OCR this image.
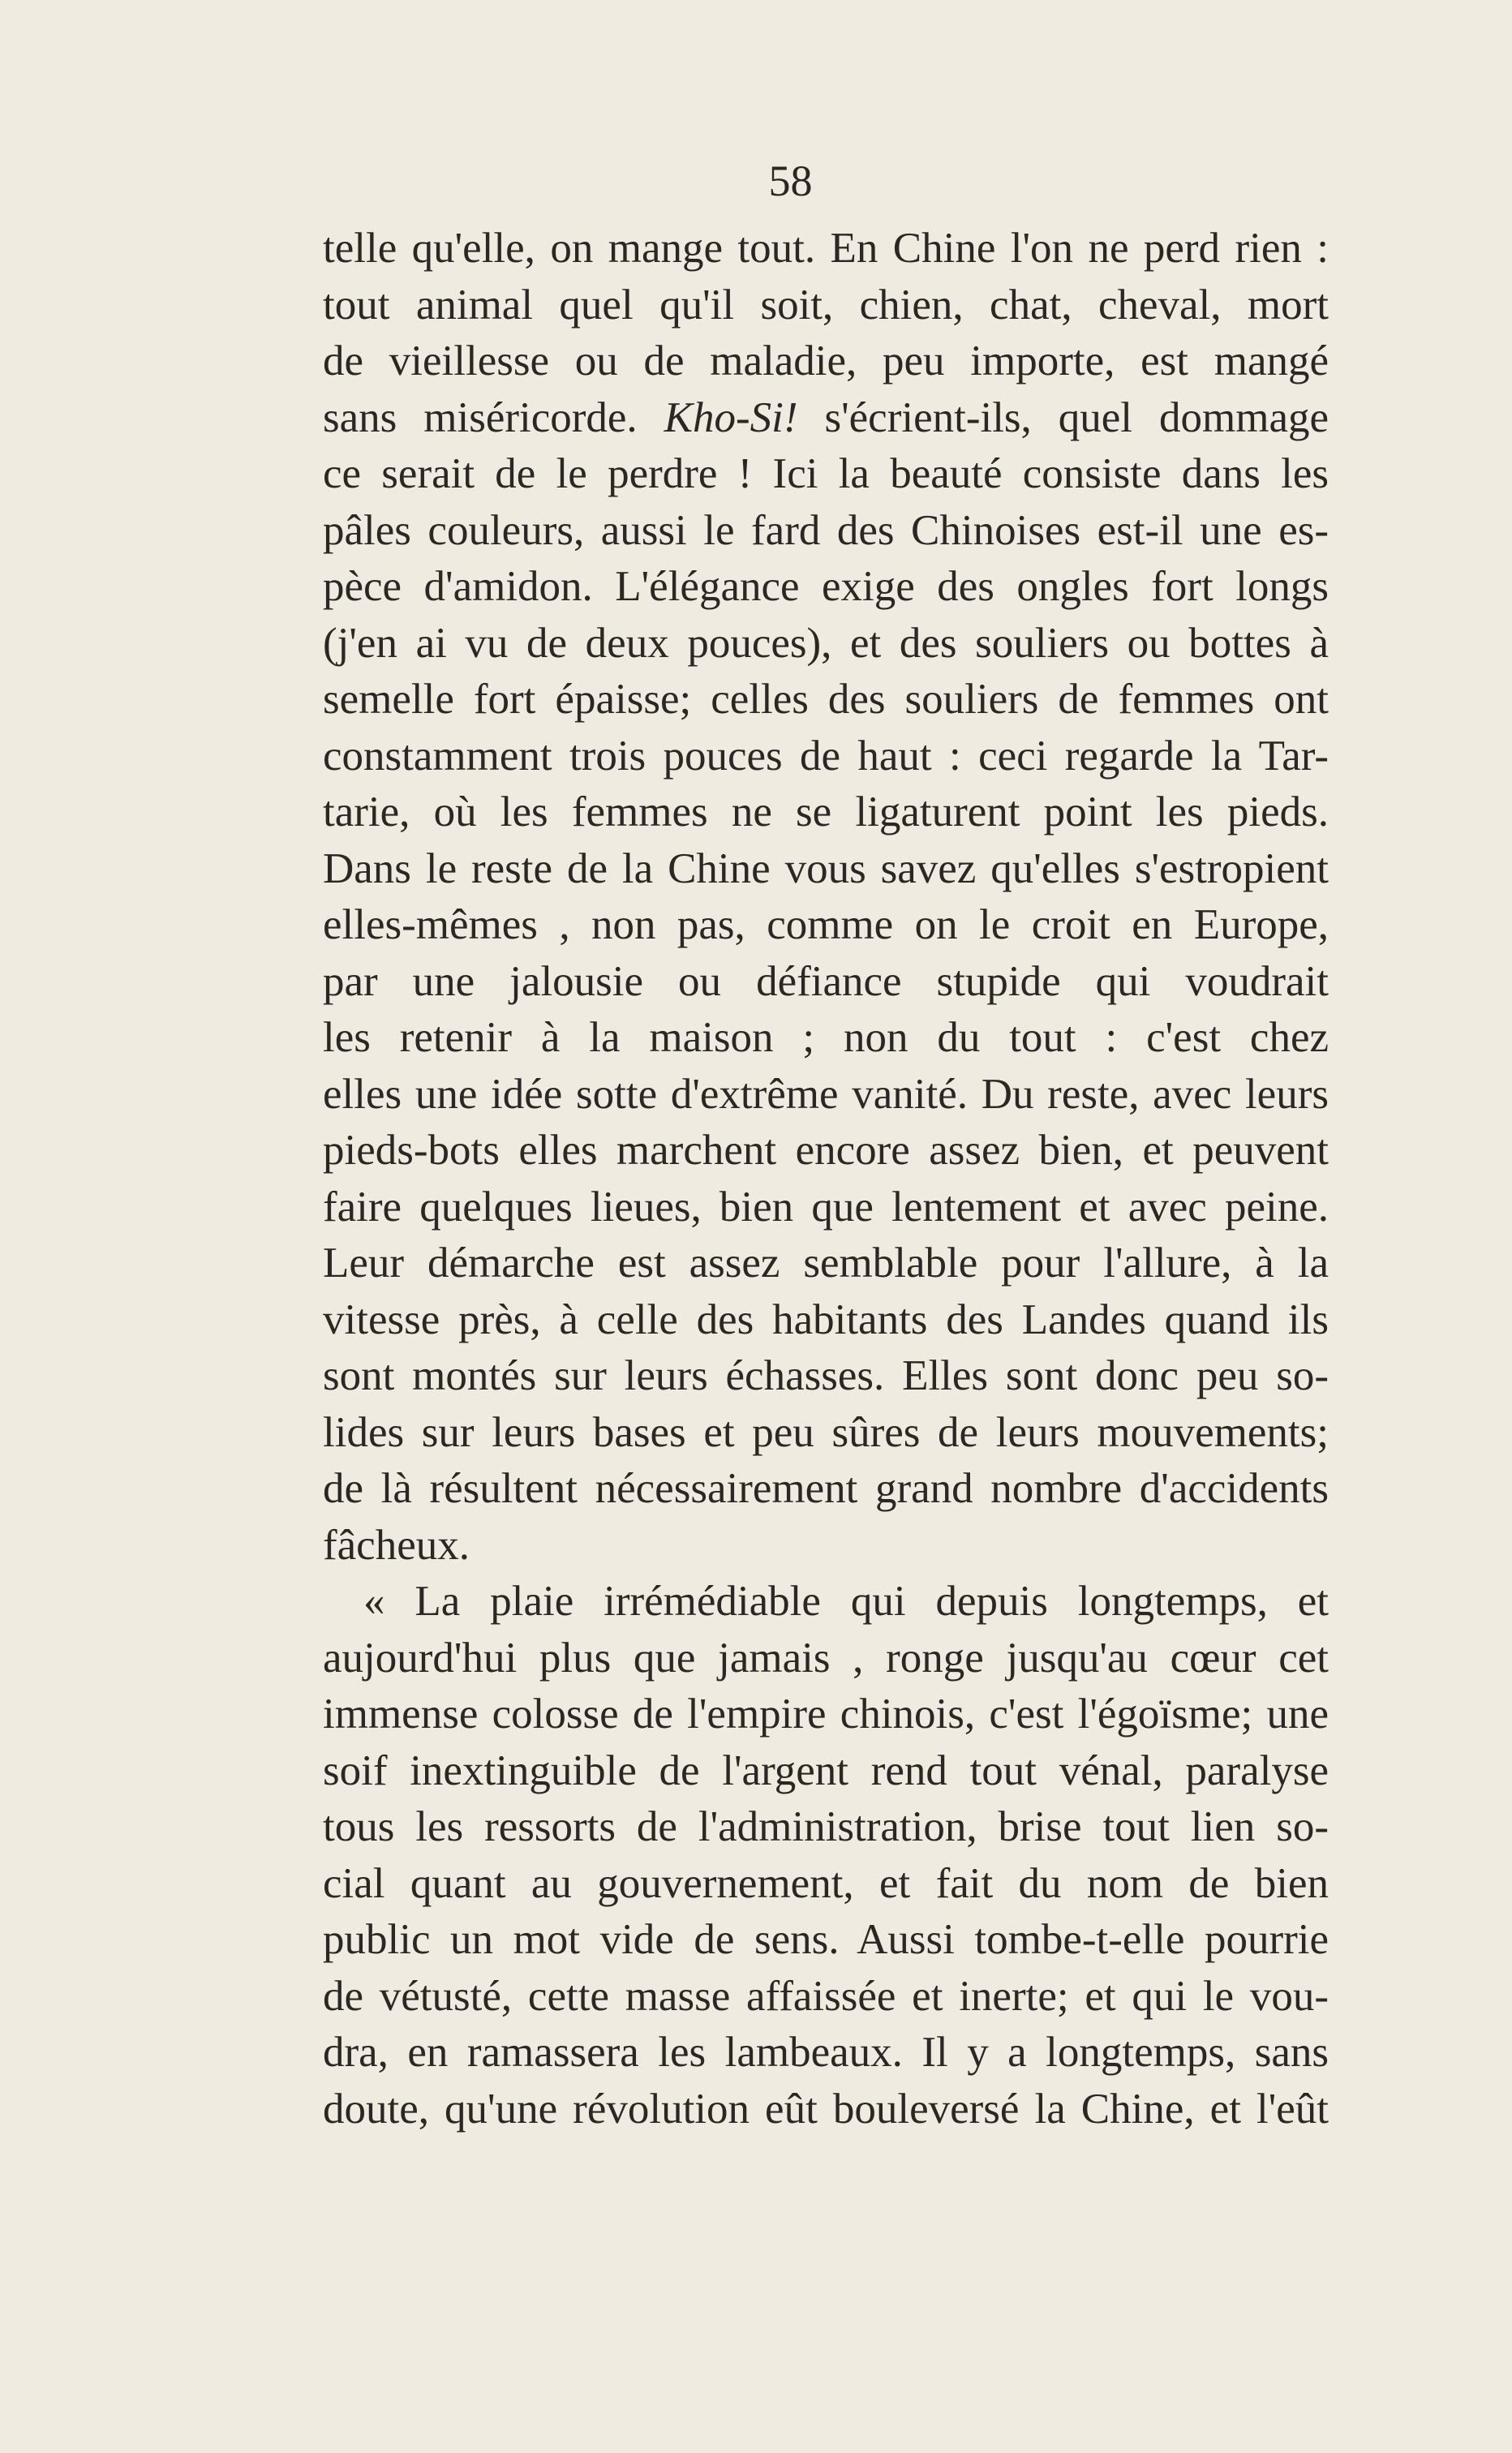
58
telle qu'elle, on mange tout. En Chine l'on ne perd rien :
tout animal quel qu'il soit, chien, chat, cheval, mort
de vieillesse ou de maladie, peu importe, est mangé
sans miséricorde. Kho-Si! s'écrient-ils, quel dommage
ce serait de le perdre ! Ici la beauté consiste dans les
pâles couleurs, aussi le fard des Chinoises est-il une es-
pèce d'amidon. L'élégance exige des ongles fort longs
(j'en ai vu de deux pouces), et des souliers ou bottes à
semelle fort épaisse; celles des souliers de femmes ont
constamment trois pouces de haut : ceci regarde la Tar-
tarie, où les femmes ne se ligaturent point les pieds.
Dans le reste de la Chine vous savez qu'elles s'estropient
elles-mêmes , non pas, comme on le croit en Europe,
par une jalousie ou défiance stupide qui voudrait
les retenir à la maison ; non du tout : c'est chez
elles une idée sotte d'extrême vanité. Du reste, avec leurs
pieds-bots elles marchent encore assez bien, et peuvent
faire quelques lieues, bien que lentement et avec peine.
Leur démarche est assez semblable pour l'allure, à la
vitesse près, à celle des habitants des Landes quand ils
sont montés sur leurs échasses. Elles sont donc peu so-
lides sur leurs bases et peu sûres de leurs mouvements;
de là résultent nécessairement grand nombre d'accidents
fâcheux.
« La plaie irrémédiable qui depuis longtemps, et
aujourd'hui plus que jamais , ronge jusqu'au cœur cet
immense colosse de l'empire chinois, c'est l'égoïsme; une
soif inextinguible de l'argent rend tout vénal, paralyse
tous les ressorts de l'administration, brise tout lien so-
cial quant au gouvernement, et fait du nom de bien
public un mot vide de sens. Aussi tombe-t-elle pourrie
de vétusté, cette masse affaissée et inerte; et qui le vou-
dra, en ramassera les lambeaux. Il y a longtemps, sans
doute, qu'une révolution eût bouleversé la Chine, et l'eût
